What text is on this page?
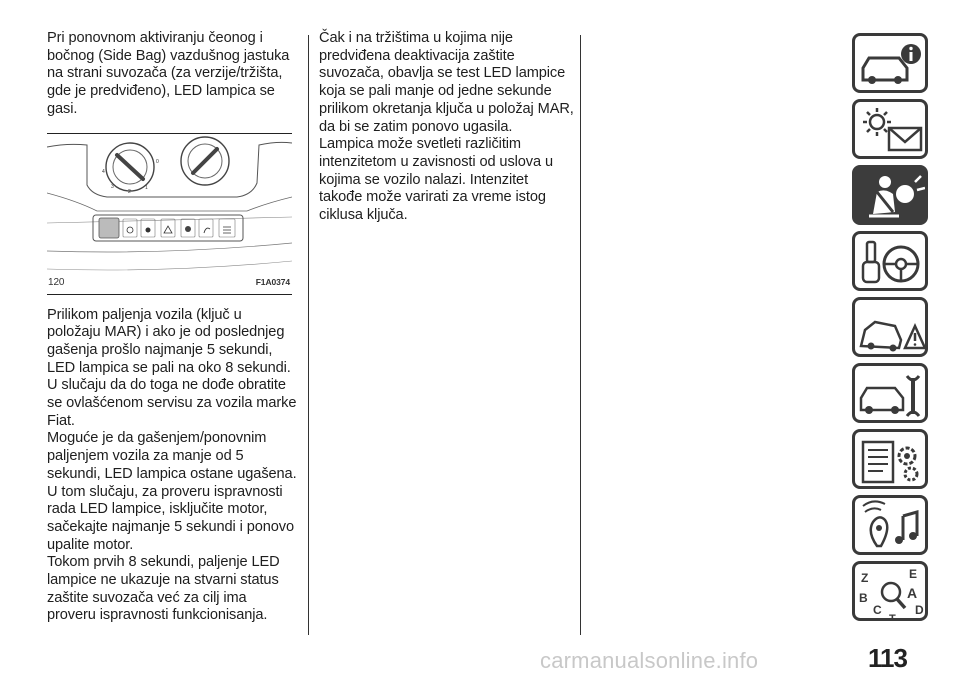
Pri ponovnom aktiviranju čeonog i bočnog (Side Bag) vazdušnog jastuka na strani suvozača (za verzije/tržišta, gde je predviđeno), LED lampica se gasi.

4
3
2
1
0
120	F1A0374

Prilikom paljenja vozila (ključ u položaju MAR) i ako je od poslednjeg gašenja prošlo najmanje 5 sekundi, LED lampica se pali na oko 8 sekundi. U slučaju da do toga ne dođe obratite se ovlašćenom servisu za vozila marke Fiat.

Moguće je da gašenjem/ponovnim paljenjem vozila za manje od 5 sekundi, LED lampica ostane ugašena. U tom slučaju, za proveru ispravnosti rada LED lampice, isključite motor, sačekajte najmanje 5 sekundi i ponovo upalite motor.

Tokom prvih 8 sekundi, paljenje LED lampice ne ukazuje na stvarni status zaštite suvozača već za cilj ima proveru ispravnosti funkcionisanja.

Čak i na tržištima u kojima nije predviđena deaktivacija zaštite suvozača, obavlja se test LED lampice koja se pali manje od jedne sekunde prilikom okretanja ključa u položaj MAR, da bi se zatim ponovo ugasila.

Lampica može svetleti različitim intenzitetom u zavisnosti od uslova u kojima se vozilo nalazi. Intenzitet takođe može varirati za vreme istog ciklusa ključa.

Z	E
B	A
C	D
T
carmanualsonline.info	113
